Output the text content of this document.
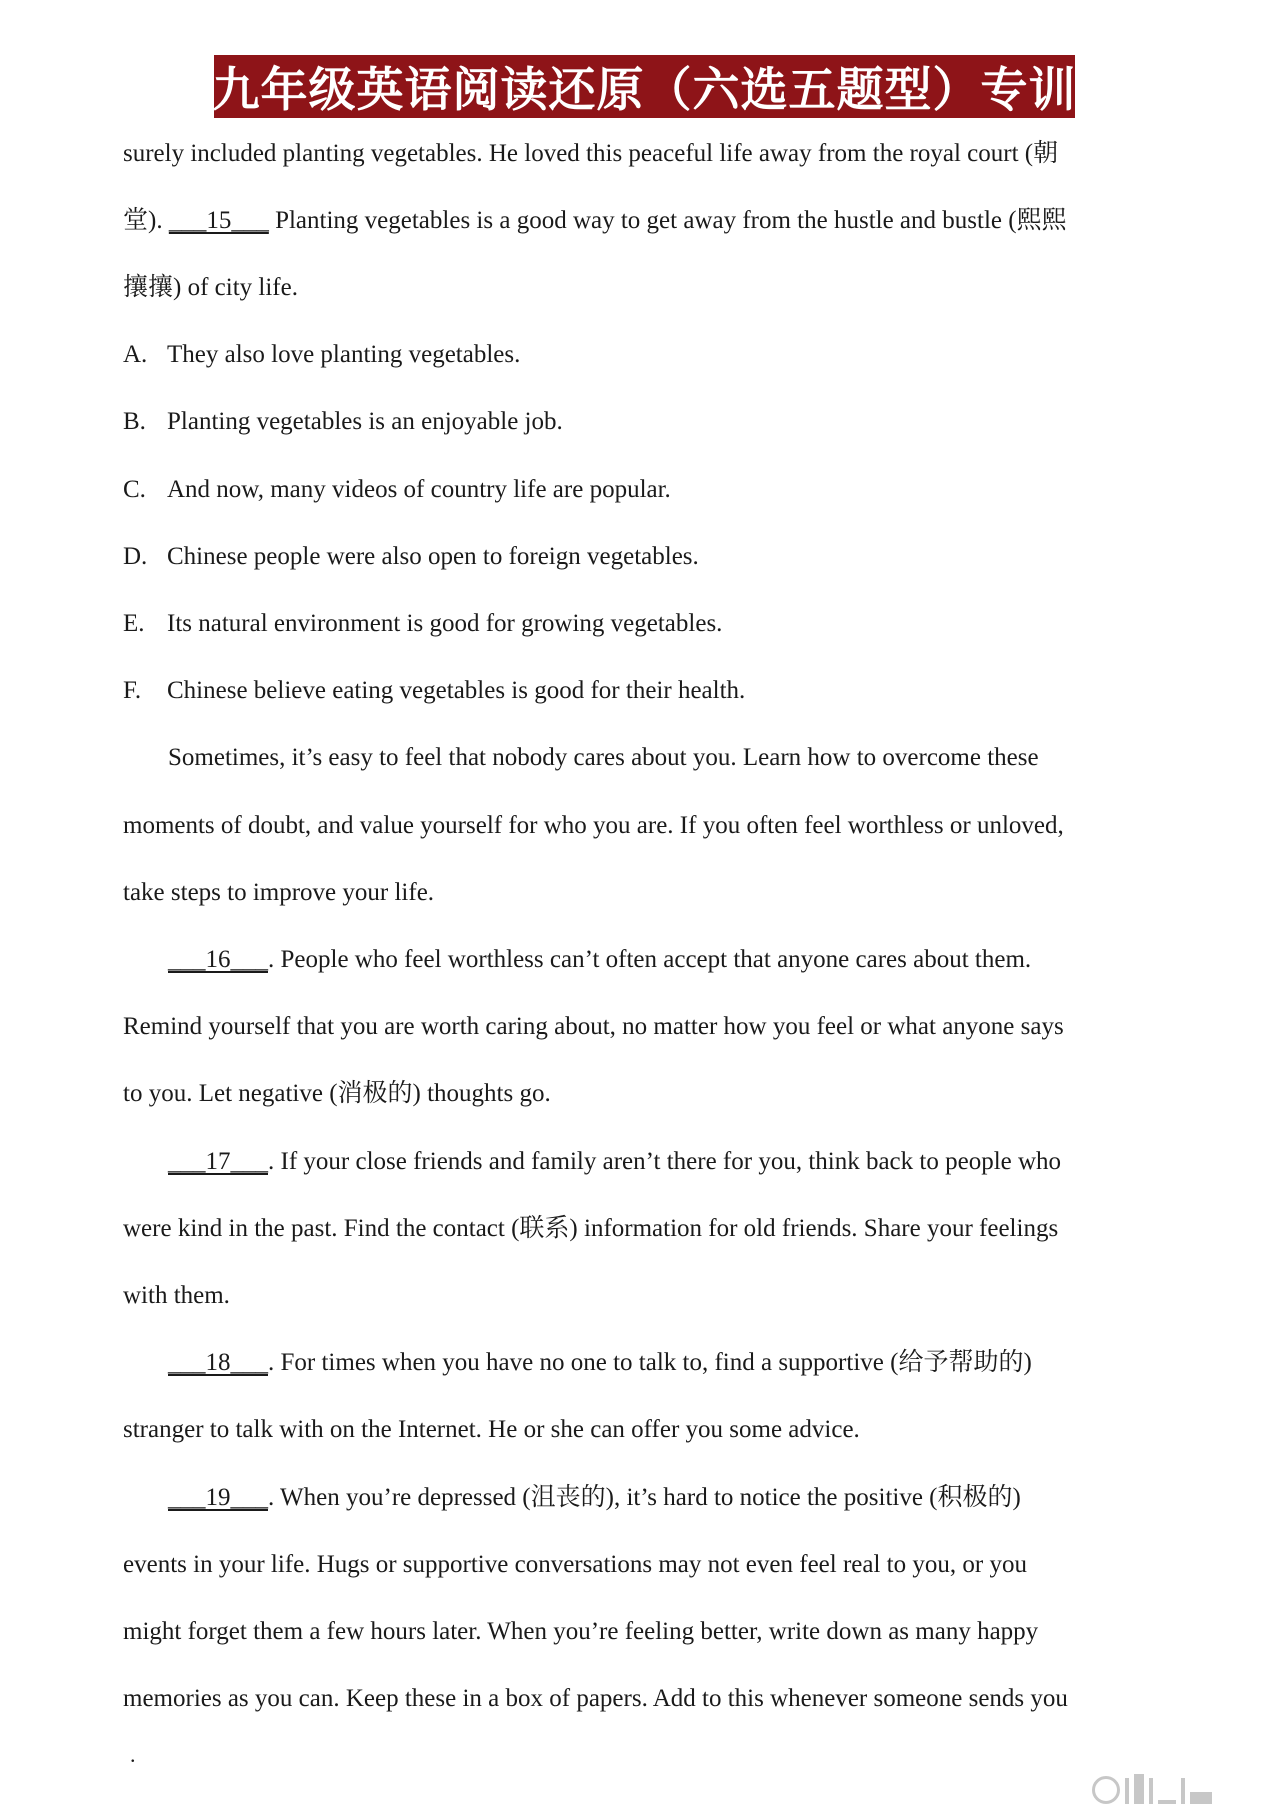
九年级英语阅读还原（六选五题型）专训
surely included planting vegetables. He loved this peaceful life away from the royal court (朝
堂). ___15___ Planting vegetables is a good way to get away from the hustle and bustle (熙熙
攘攘) of city life.
A. They also love planting vegetables.
B. Planting vegetables is an enjoyable job.
C. And now, many videos of country life are popular.
D. Chinese people were also open to foreign vegetables.
E. Its natural environment is good for growing vegetables.
F. Chinese believe eating vegetables is good for their health.
Sometimes, it’s easy to feel that nobody cares about you. Learn how to overcome these
moments of doubt, and value yourself for who you are. If you often feel worthless or unloved,
take steps to improve your life.
___16___. People who feel worthless can’t often accept that anyone cares about them.
Remind yourself that you are worth caring about, no matter how you feel or what anyone says
to you. Let negative (消极的) thoughts go.
___17___. If your close friends and family aren’t there for you, think back to people who
were kind in the past. Find the contact (联系) information for old friends. Share your feelings
with them.
___18___. For times when you have no one to talk to, find a supportive (给予帮助的)
stranger to talk with on the Internet. He or she can offer you some advice.
___19___. When you’re depressed (沮丧的), it’s hard to notice the positive (积极的)
events in your life. Hugs or supportive conversations may not even feel real to you, or you
might forget them a few hours later. When you’re feeling better, write down as many happy
memories as you can. Keep these in a box of papers. Add to this whenever someone sends you
.
